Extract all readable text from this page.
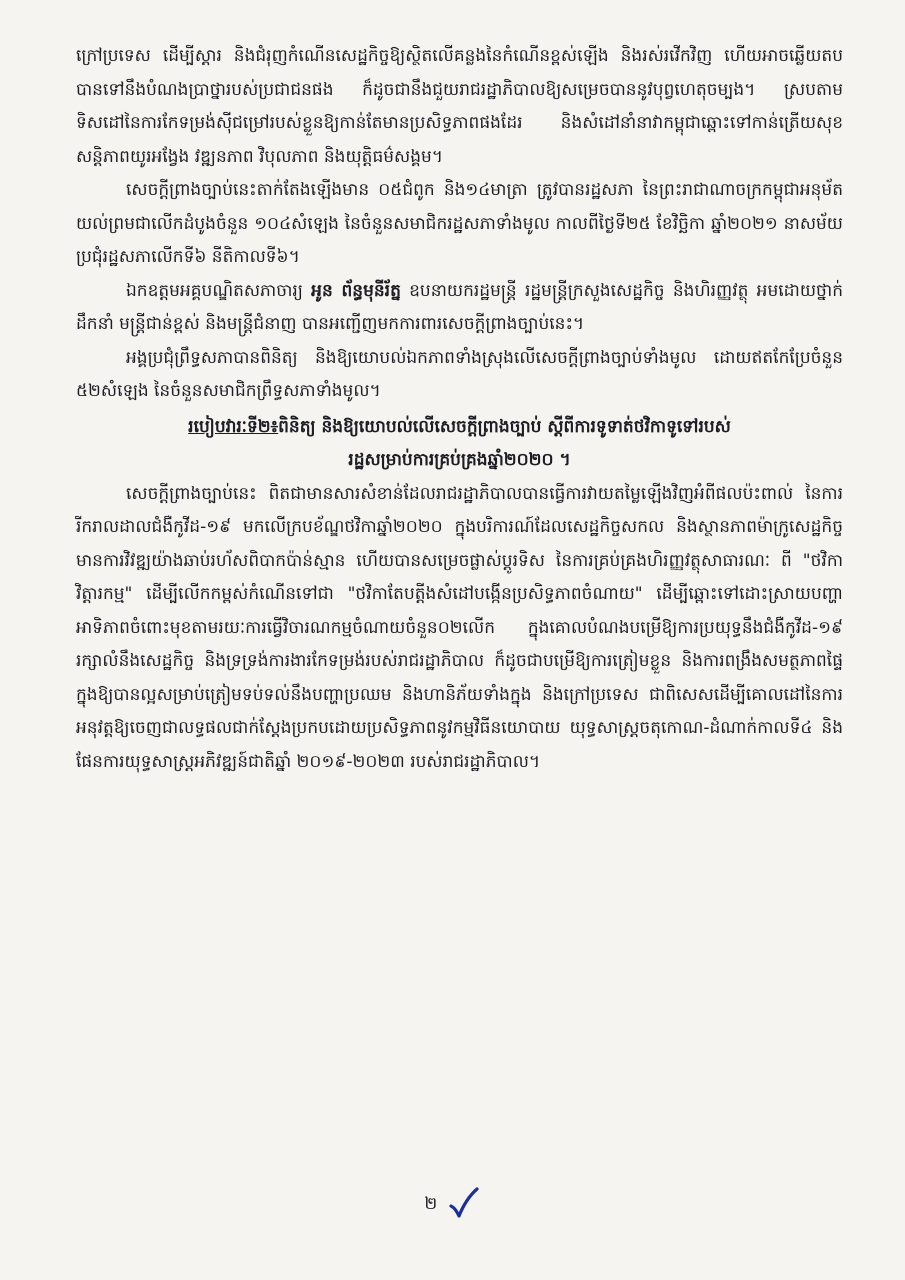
ក្រៅប្រទេស ដើម្បីស្តារ និងជំរុញកំណើនសេដ្ឋកិច្ចឱ្យស្ថិតលើគន្លងនៃកំណើនខ្ពស់ឡើង និងរស់រវើកវិញ ហើយអាចឆ្លើយតបបានទៅនឹងបំណងប្រាថ្នារបស់ប្រជាជនផង ក៏ដូចជានឹងជួយរាជរដ្ឋាភិបាលឱ្យសម្រេចបាននូវបុព្វហេតុចម្បង។ ស្របតាមទិសដៅនៃការកែទម្រង់ស៊ីជម្រៅរបស់ខ្លួនឱ្យកាន់តែមានប្រសិទ្ធភាពផងដែរ និងសំដៅនាំនាវាកម្ពុជាឆ្ពោះទៅកាន់ត្រើយសុខសន្តិភាពយូរអង្វែង វឌ្ឍនភាព វិបុលភាព និងយុត្តិធម៌សង្គម។

សេចក្តីព្រាងច្បាប់នេះតាក់តែងឡើងមាន ០៥ជំពូក និង១៤មាត្រា ត្រូវបានរដ្ឋសភា នៃព្រះរាជាណាចក្រកម្ពុជាអនុម័តយល់ព្រមជាលើកដំបូងចំនួន ១០៤សំឡេង នៃចំនួនសមាជិករដ្ឋសភាទាំងមូល កាលពីថ្ងៃទី២៥ ខែវិច្ឆិកា ឆ្នាំ២០២១ នាសម័យប្រជុំរដ្ឋសភាលើកទី៦ នីតិកាលទី៦។

ឯកឧត្តមអគ្គបណ្ឌិតសភាចារ្យ អូន ព័ន្ធមុនីរ័ត្ន ឧបនាយករដ្ឋមន្ត្រី រដ្ឋមន្ត្រីក្រសួងសេដ្ឋកិច្ច និងហិរញ្ញវត្ថុ អមដោយថ្នាក់ដឹកនាំ មន្ត្រីជាន់ខ្ពស់ និងមន្ត្រីជំនាញ បានអញ្ជើញមកការពារសេចក្តីព្រាងច្បាប់នេះ។

អង្គប្រជុំព្រឹទ្ធសភាបានពិនិត្យ និងឱ្យយោបល់ឯកភាពទាំងស្រុងលើសេចក្តីព្រាងច្បាប់ទាំងមូល ដោយឥតកែប្រែចំនួន ៥២សំឡេង នៃចំនួនសមាជិកព្រឹទ្ធសភាទាំងមូល។

របៀបវារៈទី២៖ពិនិត្យ និងឱ្យយោបល់លើសេចក្តីព្រាងច្បាប់ ស្តីពីការទូទាត់ថវិកាទូទៅរបស់
រដ្ឋសម្រាប់ការគ្រប់គ្រងឆ្នាំ២០២០ ។

សេចក្តីព្រាងច្បាប់នេះ ពិតជាមានសារសំខាន់ដែលរាជរដ្ឋាភិបាលបានធ្វើការវាយតម្លៃឡើងវិញអំពីផលប៉ះពាល់ នៃការរីករាលដាលជំងឺកូវីដ-១៩ មកលើក្របខ័ណ្ឌថវិកាឆ្នាំ២០២០ ក្នុងបរិការណ៍ដែលសេដ្ឋកិច្ចសកល និងស្ថានភាពម៉ាក្រូសេដ្ឋកិច្ច មានការវិវឌ្ឍយ៉ាងឆាប់រហ័សពិបាកប៉ាន់ស្មាន ហើយបានសម្រេចផ្លាស់ប្តូរទិស នៃការគ្រប់គ្រងហិរញ្ញវត្ថុសាធារណៈ ពី "ថវិកាវិត្តារកម្ម" ដើម្បីលើកកម្ពស់កំណើនទៅជា "ថវិកាតែបត្តីងសំដៅបង្កើនប្រសិទ្ធភាពចំណាយ" ដើម្បីឆ្ពោះទៅដោះស្រាយបញ្ហាអាទិភាពចំពោះមុខតាមរយៈការធ្វើវិចារណកម្មចំណាយចំនួន០២លើក ក្នុងគោលបំណងបម្រើឱ្យការប្រយុទ្ធនឹងជំងឺកូវីដ-១៩ រក្សាលំនឹងសេដ្ឋកិច្ច និងទ្រទ្រង់ការងារកែទម្រង់របស់រាជរដ្ឋាភិបាល ក៏ដូចជាបម្រើឱ្យការត្រៀមខ្លួន និងការពង្រឹងសមត្ថភាពផ្ទៃក្នុងឱ្យបានល្អសម្រាប់ត្រៀមទប់ទល់នឹងបញ្ហាប្រឈម និងហានិភ័យទាំងក្នុង និងក្រៅប្រទេស ជាពិសេសដើម្បីគោលដៅនៃការអនុវត្តឱ្យចេញជាលទ្ធផលជាក់ស្តែងប្រកបដោយប្រសិទ្ធភាពនូវកម្មវិធីនយោបាយ យុទ្ធសាស្ត្រចតុកោណ-ដំណាក់កាលទី៤ និងផែនការយុទ្ធសាស្ត្រអភិវឌ្ឍន៍ជាតិឆ្នាំ ២០១៩-២០២៣ របស់រាជរដ្ឋាភិបាល។

២
